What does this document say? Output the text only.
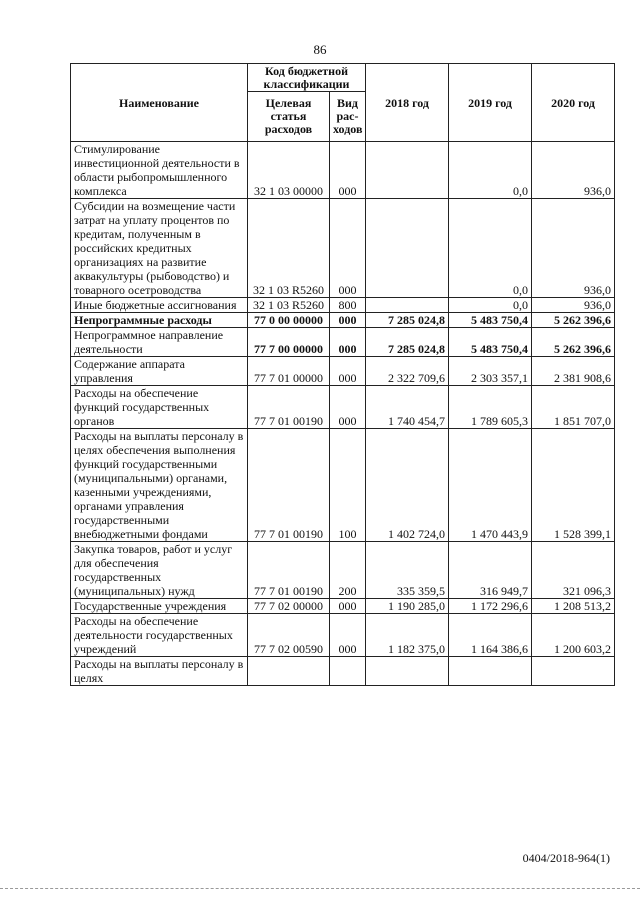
86
Наименование	Код бюджетной классификации		2018 год	2019 год	2020 год
	Целевая статья расходов	Вид рас-ходов			
Стимулирование инвестиционной деятельности в области рыбопромышленного комплекса	32 1 03 00000	000		0,0	936,0
Субсидии на возмещение части затрат на уплату процентов по кредитам, полученным в российских кредитных организациях на развитие аквакультуры (рыбоводство) и товарного осетроводства	32 1 03 R5260	000		0,0	936,0
Иные бюджетные ассигнования	32 1 03 R5260	800		0,0	936,0
Непрограммные расходы	77 0 00 00000	000	7 285 024,8	5 483 750,4	5 262 396,6
Непрограммное направление деятельности	77 7 00 00000	000	7 285 024,8	5 483 750,4	5 262 396,6
Содержание аппарата управления	77 7 01 00000	000	2 322 709,6	2 303 357,1	2 381 908,6
Расходы на обеспечение функций государственных органов	77 7 01 00190	000	1 740 454,7	1 789 605,3	1 851 707,0
Расходы на выплаты персоналу в целях обеспечения выполнения функций государственными (муниципальными) органами, казенными учреждениями, органами управления государственными внебюджетными фондами	77 7 01 00190	100	1 402 724,0	1 470 443,9	1 528 399,1
Закупка товаров, работ и услуг для обеспечения государственных (муниципальных) нужд	77 7 01 00190	200	335 359,5	316 949,7	321 096,3
Государственные учреждения	77 7 02 00000	000	1 190 285,0	1 172 296,6	1 208 513,2
Расходы на обеспечение деятельности государственных учреждений	77 7 02 00590	000	1 182 375,0	1 164 386,6	1 200 603,2
Расходы на выплаты персоналу в целях					
0404/2018-964(1)
